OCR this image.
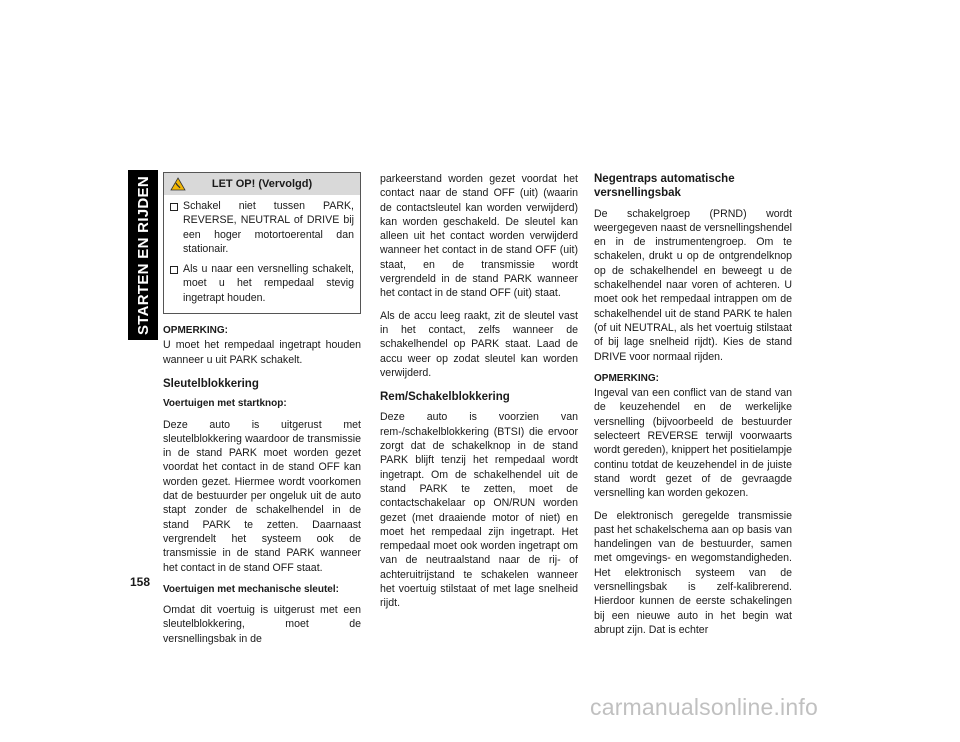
STARTEN EN RIJDEN
158
LET OP! (Vervolgd)
Schakel niet tussen PARK, REVERSE, NEUTRAL of DRIVE bij een hoger motortoerental dan stationair.
Als u naar een versnelling schakelt, moet u het rempedaal stevig ingetrapt houden.
OPMERKING:

U moet het rempedaal ingetrapt houden wanneer u uit PARK schakelt.

Sleutelblokkering
Voertuigen met startknop:

Deze auto is uitgerust met sleutelblokkering waardoor de transmissie in de stand PARK moet worden gezet voordat het contact in de stand OFF kan worden gezet. Hiermee wordt voorkomen dat de bestuurder per ongeluk uit de auto stapt zonder de schakelhendel in de stand PARK te zetten. Daarnaast vergrendelt het systeem ook de transmissie in de stand PARK wanneer het contact in de stand OFF staat.

Voertuigen met mechanische sleutel:

Omdat dit voertuig is uitgerust met een sleutelblokkering, moet de versnellingsbak in de

parkeerstand worden gezet voordat het contact naar de stand OFF (uit) (waarin de contactsleutel kan worden verwijderd) kan worden geschakeld. De sleutel kan alleen uit het contact worden verwijderd wanneer het contact in de stand OFF (uit) staat, en de transmissie wordt vergrendeld in de stand PARK wanneer het contact in de stand OFF (uit) staat.

Als de accu leeg raakt, zit de sleutel vast in het contact, zelfs wanneer de schakelhendel op PARK staat. Laad de accu weer op zodat sleutel kan worden verwijderd.

Rem/Schakelblokkering

Deze auto is voorzien van rem-/schakelblokkering (BTSI) die ervoor zorgt dat de schakelknop in de stand PARK blijft tenzij het rempedaal wordt ingetrapt. Om de schakelhendel uit de stand PARK te zetten, moet de contactschakelaar op ON/RUN worden gezet (met draaiende motor of niet) en moet het rempedaal zijn ingetrapt. Het rempedaal moet ook worden ingetrapt om van de neutraalstand naar de rij- of achteruitrijstand te schakelen wanneer het voertuig stilstaat of met lage snelheid rijdt.

Negentraps automatische versnellingsbak

De schakelgroep (PRND) wordt weergegeven naast de versnellingshendel en in de instrumentengroep. Om te schakelen, drukt u op de ontgrendelknop op de schakelhendel en beweegt u de schakelhendel naar voren of achteren. U moet ook het rempedaal intrappen om de schakelhendel uit de stand PARK te halen (of uit NEUTRAL, als het voertuig stilstaat of bij lage snelheid rijdt). Kies de stand DRIVE voor normaal rijden.

OPMERKING:

Ingeval van een conflict van de stand van de keuzehendel en de werkelijke versnelling (bijvoorbeeld de bestuurder selecteert REVERSE terwijl voorwaarts wordt gereden), knippert het positielampje continu totdat de keuzehendel in de juiste stand wordt gezet of de gevraagde versnelling kan worden gekozen.

De elektronisch geregelde transmissie past het schakelschema aan op basis van handelingen van de bestuurder, samen met omgevings- en wegomstandigheden. Het elektronisch systeem van de versnellingsbak is zelf-kalibrerend. Hierdoor kunnen de eerste schakelingen bij een nieuwe auto in het begin wat abrupt zijn. Dat is echter

carmanualsonline.info
